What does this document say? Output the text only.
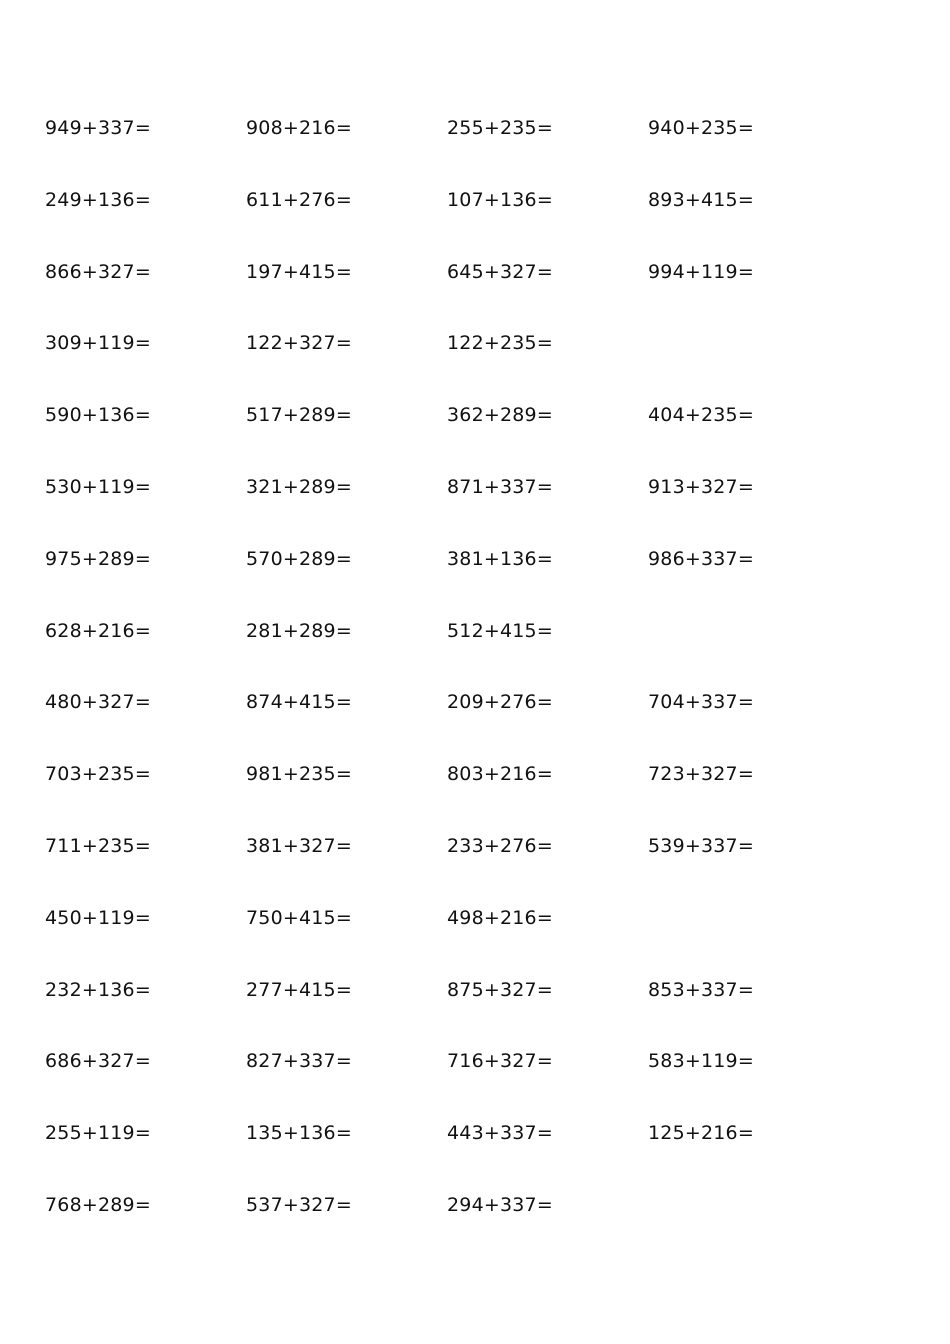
949+337=	908+216=	255+235=	940+235=
249+136=	611+276=	107+136=	893+415=
866+327=	197+415=	645+327=	994+119=
309+119=	122+327=	122+235=
590+136=	517+289=	362+289=	404+235=
530+119=	321+289=	871+337=	913+327=
975+289=	570+289=	381+136=	986+337=
628+216=	281+289=	512+415=
480+327=	874+415=	209+276=	704+337=
703+235=	981+235=	803+216=	723+327=
711+235=	381+327=	233+276=	539+337=
450+119=	750+415=	498+216=
232+136=	277+415=	875+327=	853+337=
686+327=	827+337=	716+327=	583+119=
255+119=	135+136=	443+337=	125+216=
768+289=	537+327=	294+337=
